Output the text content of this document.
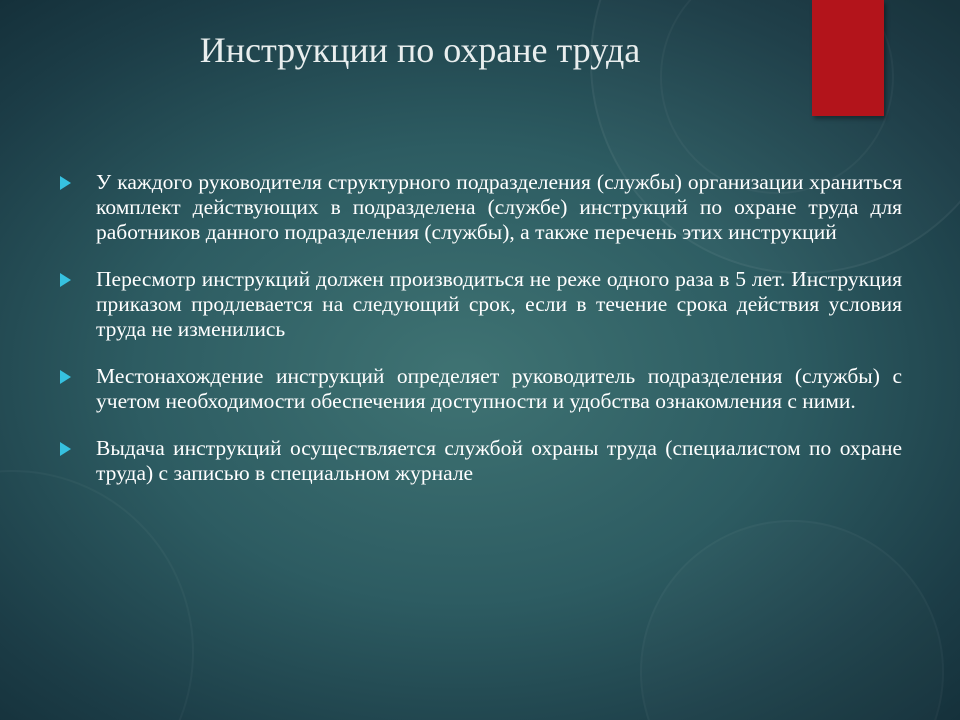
Инструкции по охране труда
У каждого руководителя структурного подразделения (службы) организации храниться комплект действующих в подразделена (службе) инструкций по охране труда для работников данного подразделения (службы), а также перечень этих инструкций
Пересмотр инструкций должен производиться не реже одного раза в 5 лет. Инструкция приказом продлевается на следующий срок, если в течение срока действия условия труда не изменились
Местонахождение инструкций определяет руководитель подразделения (службы) с учетом необходимости обеспечения доступности и удобства ознакомления с ними.
Выдача инструкций осуществляется службой охраны труда (специалистом по охране труда) с записью в специальном журнале
